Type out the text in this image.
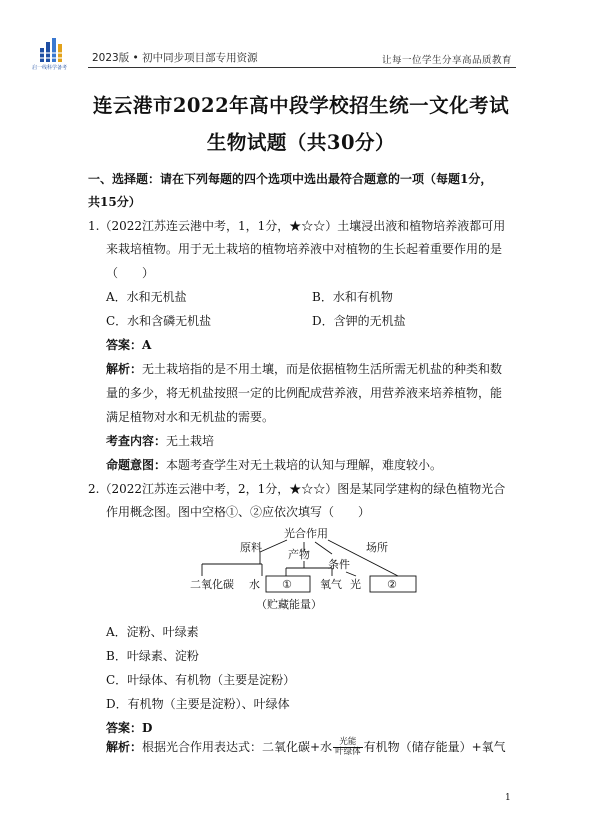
启一线科学备考
2023版 • 初中同步项目部专用资源	让每一位学生分享高品质教育
连云港市2022年高中段学校招生统一文化考试
生物试题（共30分）
一、选择题：请在下列每题的四个选项中选出最符合题意的一项（每题1分，
共15分）
1.（2022江苏连云港中考，1，1分，★☆☆）土壤浸出液和植物培养液都可用
来栽培植物。用于无土栽培的植物培养液中对植物的生长起着重要作用的是
（　　）
A．水和无机盐	B．水和有机物
C．水和含磷无机盐	D．含钾的无机盐
答案：A
解析：无土栽培指的是不用土壤，而是依据植物生活所需无机盐的种类和数
量的多少，将无机盐按照一定的比例配成营养液，用营养液来培养植物，能
满足植物对水和无机盐的需要。
考查内容：无土栽培
命题意图：本题考查学生对无土栽培的认知与理解，难度较小。
2.（2022江苏连云港中考，2，1分，★☆☆）图是某同学建构的绿色植物光合
作用概念图。图中空格①、②应依次填写（　　）
光合作用
原料	场所
产物
条件
二氧化碳 水 ①	氧气 光 ②
（贮藏能量）
A．淀粉、叶绿素
B．叶绿素、淀粉
C．叶绿体、有机物（主要是淀粉）
D．有机物（主要是淀粉）、叶绿体
答案：D
解析：根据光合作用表达式：二氧化碳+水 $\frac{\text{光能}}{\text{叶绿体}}$ 有机物（储存能量）+氧气
1
